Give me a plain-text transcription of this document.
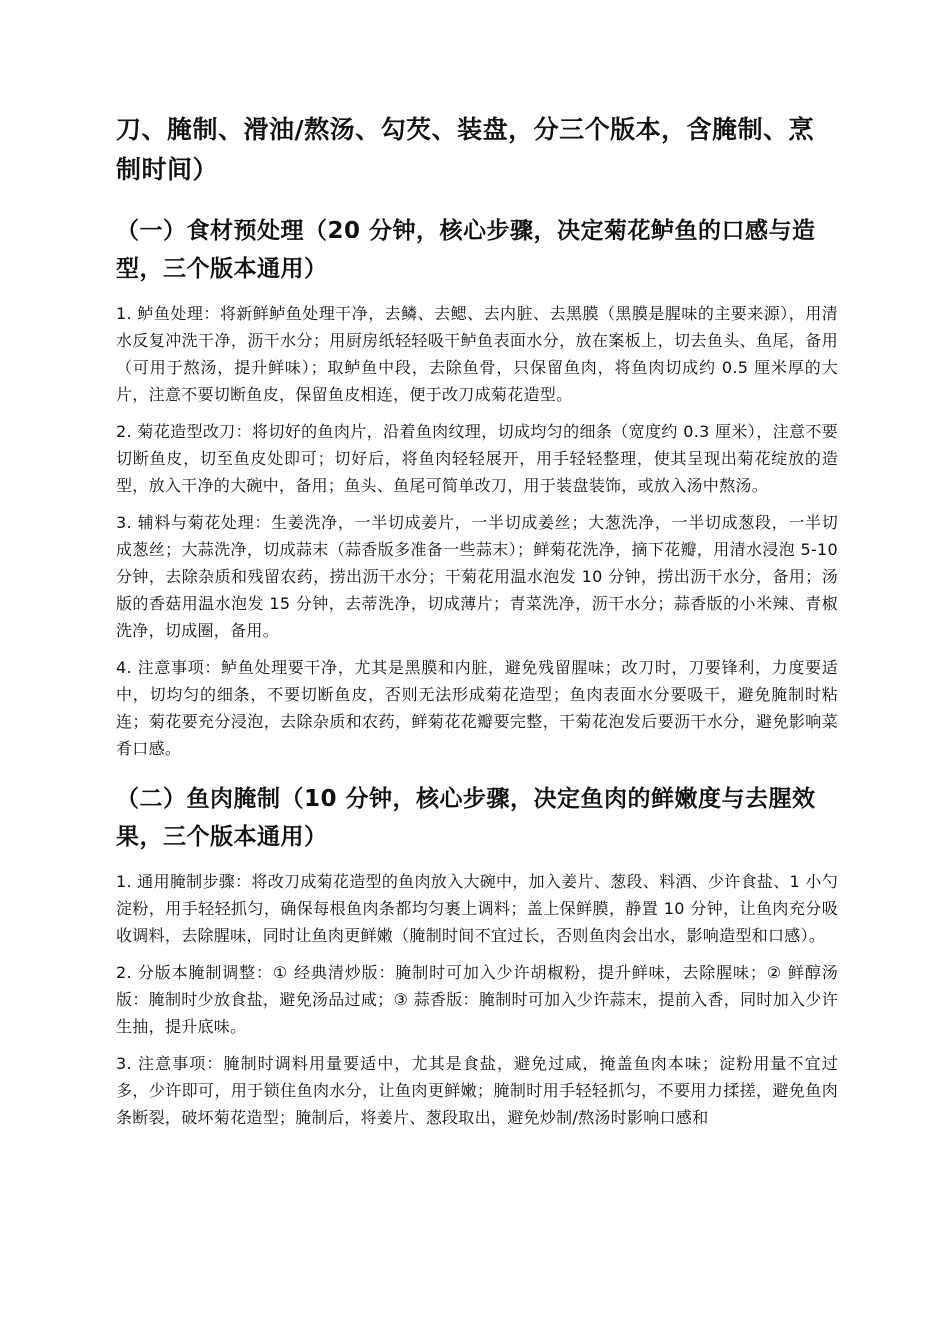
刀、腌制、滑油/熬汤、勾芡、装盘，分三个版本，含腌制、烹制时间）
（一）食材预处理（20 分钟，核心步骤，决定菊花鲈鱼的口感与造型，三个版本通用）

1. 鲈鱼处理：将新鲜鲈鱼处理干净，去鳞、去鳃、去内脏、去黑膜（黑膜是腥味的主要来源），用清水反复冲洗干净，沥干水分；用厨房纸轻轻吸干鲈鱼表面水分，放在案板上，切去鱼头、鱼尾，备用（可用于熬汤，提升鲜味）；取鲈鱼中段，去除鱼骨，只保留鱼肉，将鱼肉切成约 0.5 厘米厚的大片，注意不要切断鱼皮，保留鱼皮相连，便于改刀成菊花造型。

2. 菊花造型改刀：将切好的鱼肉片，沿着鱼肉纹理，切成均匀的细条（宽度约 0.3 厘米），注意不要切断鱼皮，切至鱼皮处即可；切好后，将鱼肉轻轻展开，用手轻轻整理，使其呈现出菊花绽放的造型，放入干净的大碗中，备用；鱼头、鱼尾可简单改刀，用于装盘装饰，或放入汤中熬汤。

3. 辅料与菊花处理：生姜洗净，一半切成姜片，一半切成姜丝；大葱洗净，一半切成葱段，一半切成葱丝；大蒜洗净，切成蒜末（蒜香版多准备一些蒜末）；鲜菊花洗净，摘下花瓣，用清水浸泡 5-10 分钟，去除杂质和残留农药，捞出沥干水分；干菊花用温水泡发 10 分钟，捞出沥干水分，备用；汤版的香菇用温水泡发 15 分钟，去蒂洗净，切成薄片；青菜洗净，沥干水分；蒜香版的小米辣、青椒洗净，切成圈，备用。

4. 注意事项：鲈鱼处理要干净，尤其是黑膜和内脏，避免残留腥味；改刀时，刀要锋利，力度要适中，切均匀的细条，不要切断鱼皮，否则无法形成菊花造型；鱼肉表面水分要吸干，避免腌制时粘连；菊花要充分浸泡，去除杂质和农药，鲜菊花花瓣要完整，干菊花泡发后要沥干水分，避免影响菜肴口感。

（二）鱼肉腌制（10 分钟，核心步骤，决定鱼肉的鲜嫩度与去腥效果，三个版本通用）

1. 通用腌制步骤：将改刀成菊花造型的鱼肉放入大碗中，加入姜片、葱段、料酒、少许食盐、1 小勺淀粉，用手轻轻抓匀，确保每根鱼肉条都均匀裹上调料；盖上保鲜膜，静置 10 分钟，让鱼肉充分吸收调料，去除腥味，同时让鱼肉更鲜嫩（腌制时间不宜过长，否则鱼肉会出水，影响造型和口感）。

2. 分版本腌制调整：① 经典清炒版：腌制时可加入少许胡椒粉，提升鲜味，去除腥味；② 鲜醇汤版：腌制时少放食盐，避免汤品过咸；③ 蒜香版：腌制时可加入少许蒜末，提前入香，同时加入少许生抽，提升底味。

3. 注意事项：腌制时调料用量要适中，尤其是食盐，避免过咸，掩盖鱼肉本味；淀粉用量不宜过多，少许即可，用于锁住鱼肉水分，让鱼肉更鲜嫩；腌制时用手轻轻抓匀，不要用力揉搓，避免鱼肉条断裂，破坏菊花造型；腌制后，将姜片、葱段取出，避免炒制/熬汤时影响口感和
